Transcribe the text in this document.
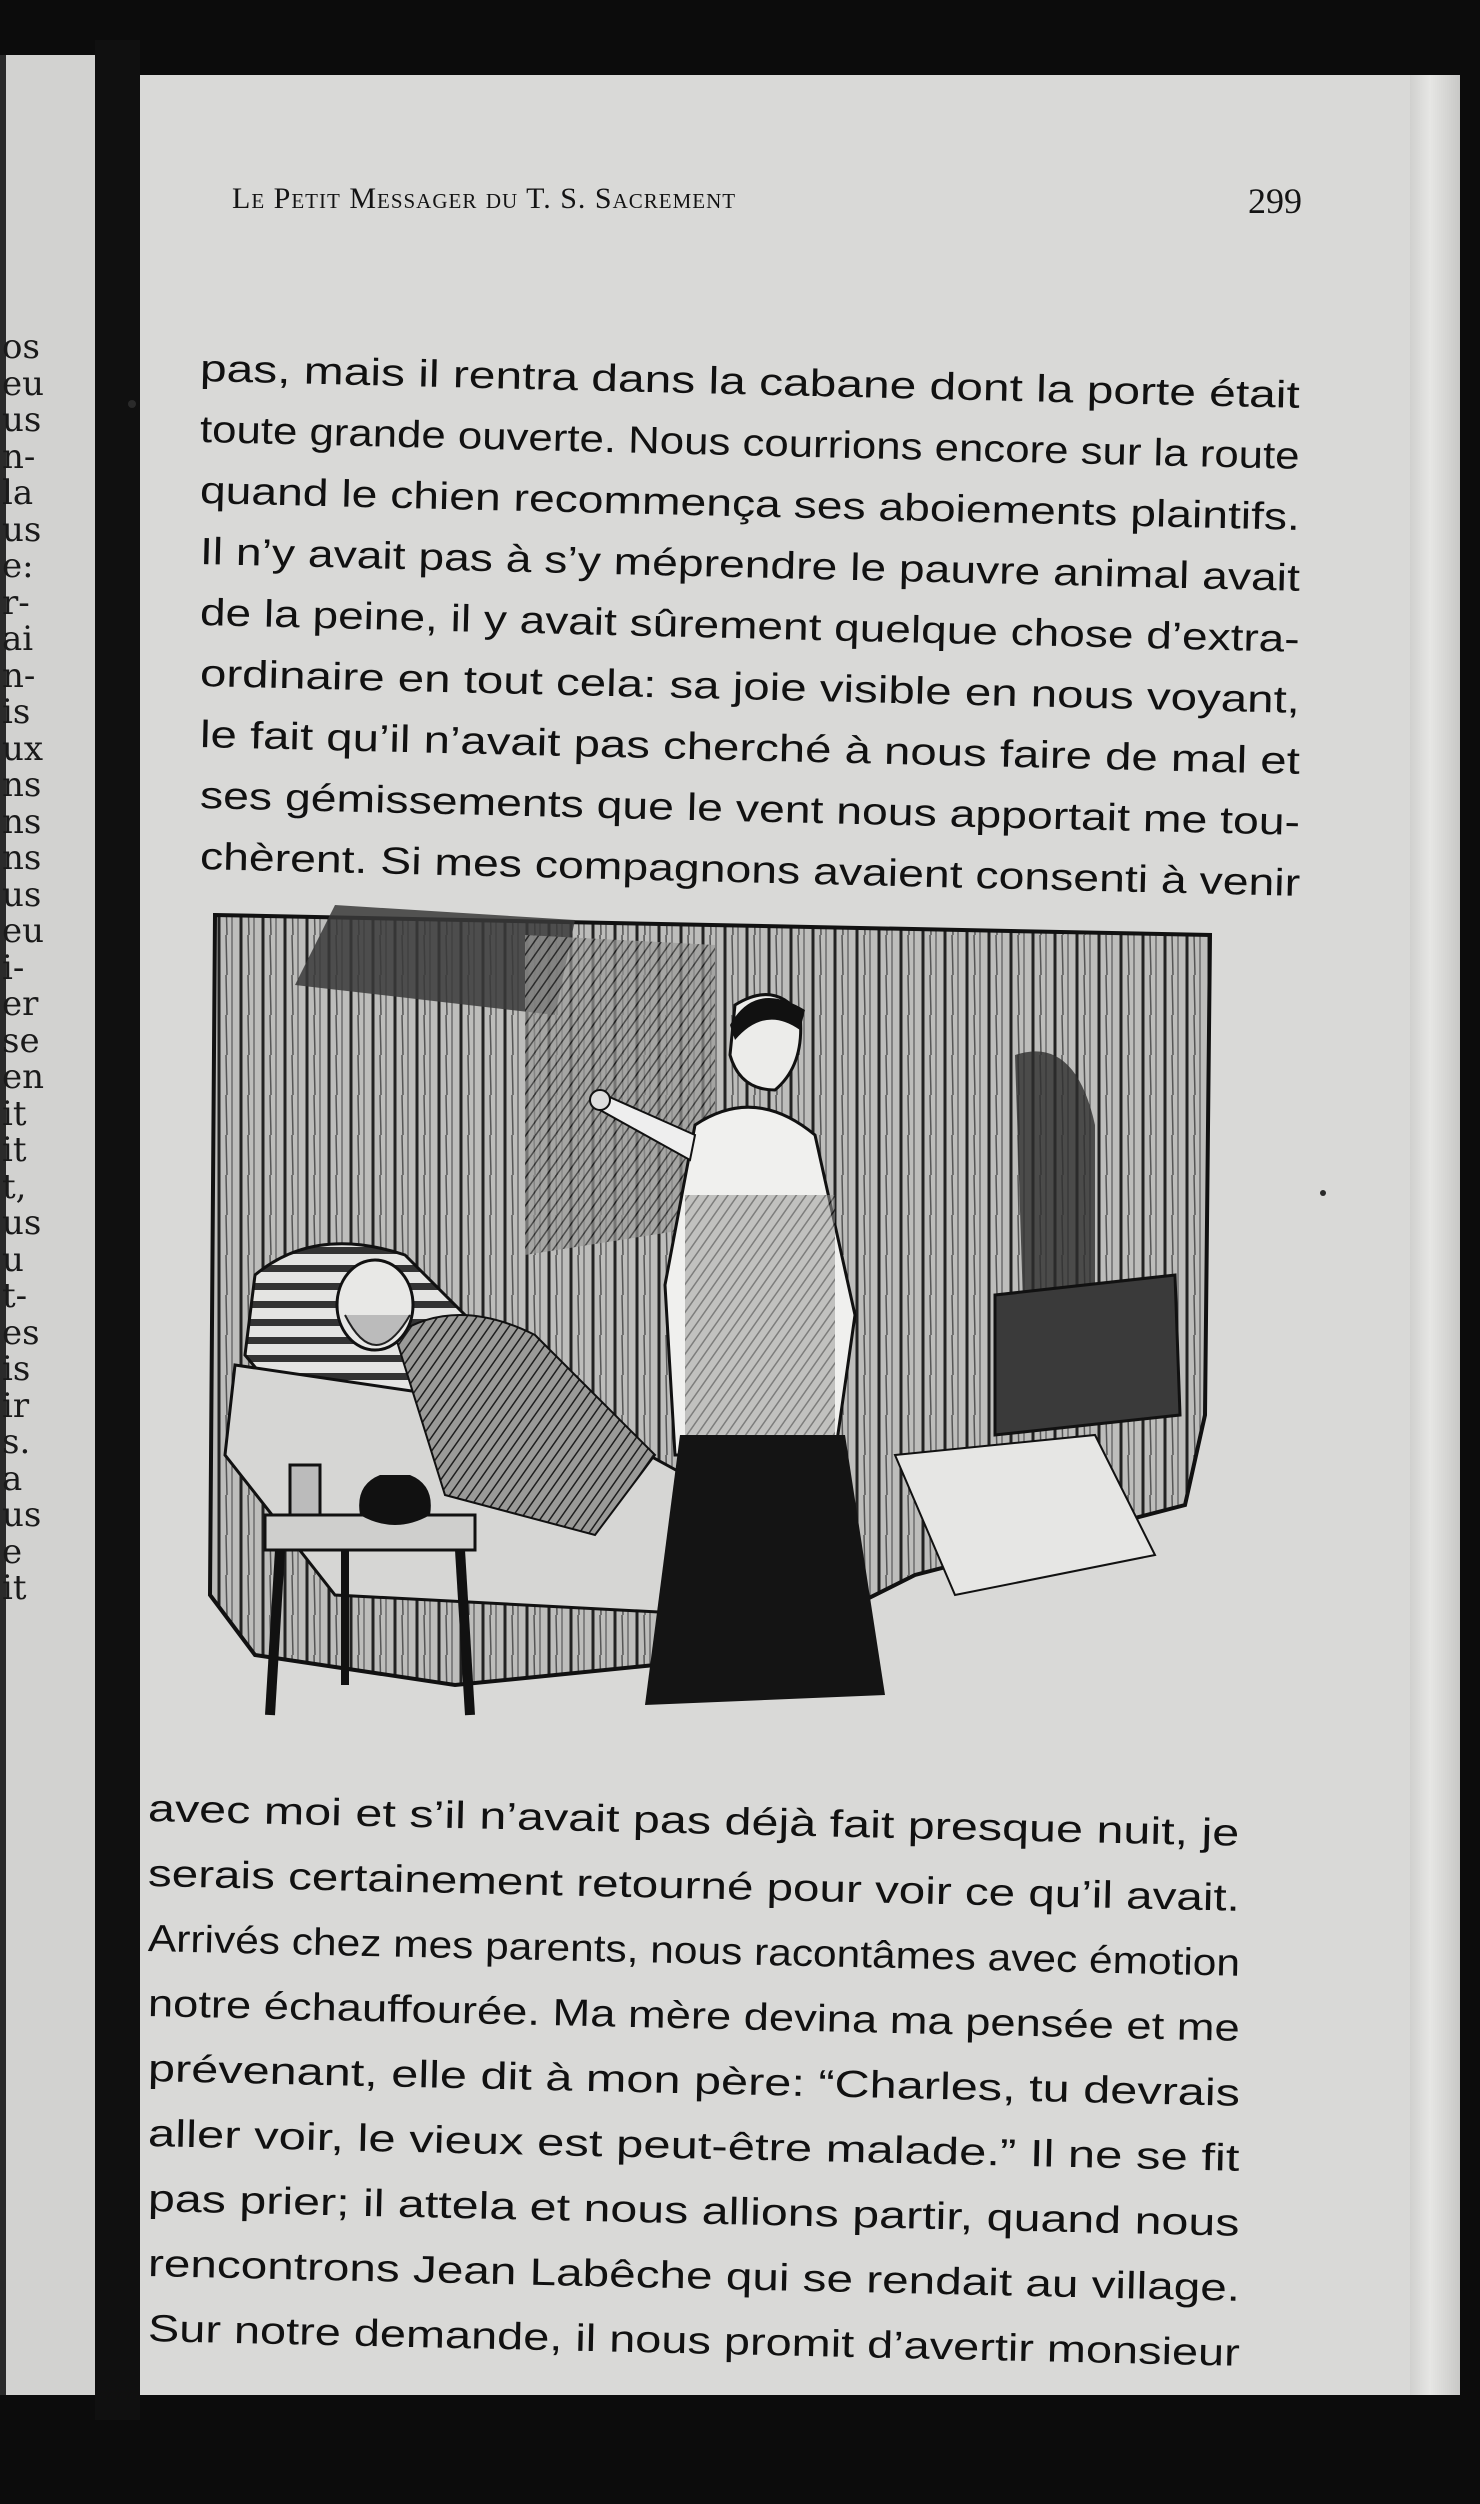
os
eu
us
n-
la
us
e:
r-
ai
n-
is
ux
ns
ns
ns
us
eu
i-
er
se
en
it
it
t,
us
u
t-
es
is
ir
s.
a
us
e
it
Le Petit Messager du T. S. Sacrement	299
pas, mais il rentra dans la cabane dont la porte était
toute grande ouverte. Nous courrions encore sur la route
quand le chien recommença ses aboiements plaintifs.
Il n’y avait pas à s’y méprendre le pauvre animal avait
de la peine, il y avait sûrement quelque chose d’extra-
ordinaire en tout cela: sa joie visible en nous voyant,
le fait qu’il n’avait pas cherché à nous faire de mal et
ses gémissements que le vent nous apportait me tou-
chèrent. Si mes compagnons avaient consenti à venir
avec moi et s’il n’avait pas déjà fait presque nuit, je
serais certainement retourné pour voir ce qu’il avait.
Arrivés chez mes parents, nous racontâmes avec émotion
notre échauffourée. Ma mère devina ma pensée et me
prévenant, elle dit à mon père: “Charles, tu devrais
aller voir, le vieux est peut-être malade.” Il ne se fit
pas prier; il attela et nous allions partir, quand nous
rencontrons Jean Labêche qui se rendait au village.
Sur notre demande, il nous promit d’avertir monsieur
